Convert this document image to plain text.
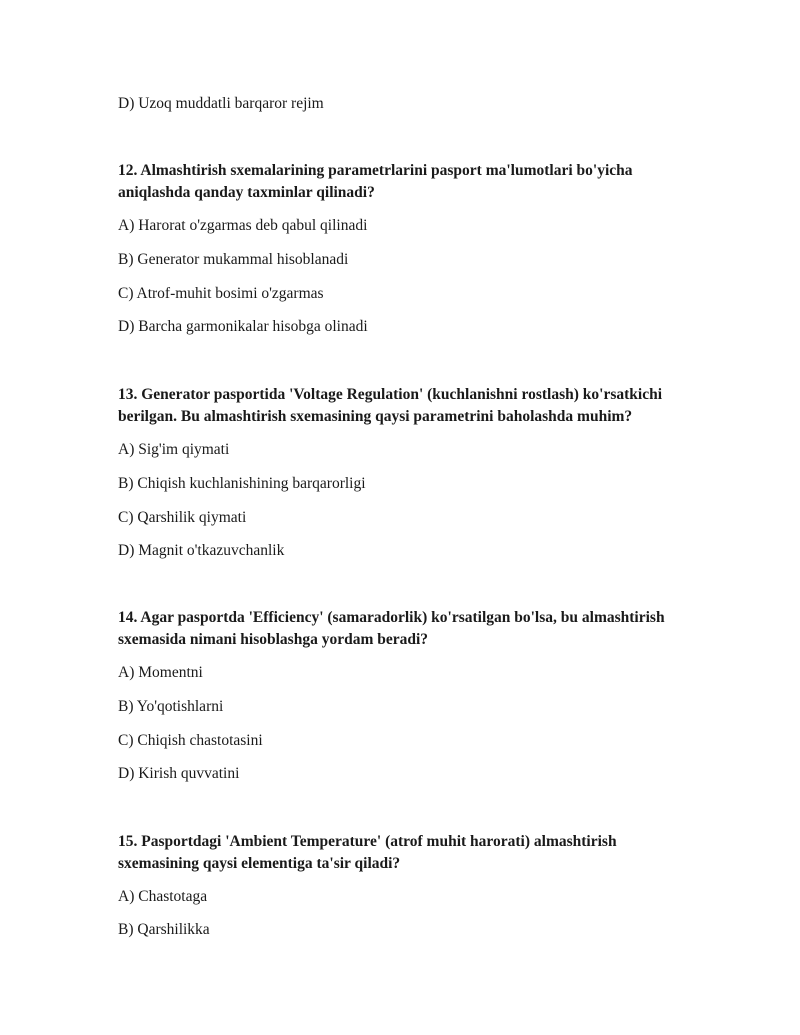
D) Uzoq muddatli barqaror rejim

12. Almashtirish sxemalarining parametrlarini pasport ma'lumotlari bo'yicha aniqlashda qanday taxminlar qilinadi?

A) Harorat o'zgarmas deb qabul qilinadi

B) Generator mukammal hisoblanadi

C) Atrof-muhit bosimi o'zgarmas

D) Barcha garmonikalar hisobga olinadi

13. Generator pasportida 'Voltage Regulation' (kuchlanishni rostlash) ko'rsatkichi berilgan. Bu almashtirish sxemasining qaysi parametrini baholashda muhim?

A) Sig'im qiymati

B) Chiqish kuchlanishining barqarorligi

C) Qarshilik qiymati

D) Magnit o'tkazuvchanlik

14. Agar pasportda 'Efficiency' (samaradorlik) ko'rsatilgan bo'lsa, bu almashtirish sxemasida nimani hisoblashga yordam beradi?

A) Momentni

B) Yo'qotishlarni

C) Chiqish chastotasini

D) Kirish quvvatini

15. Pasportdagi 'Ambient Temperature' (atrof muhit harorati) almashtirish sxemasining qaysi elementiga ta'sir qiladi?

A) Chastotaga

B) Qarshilikka
